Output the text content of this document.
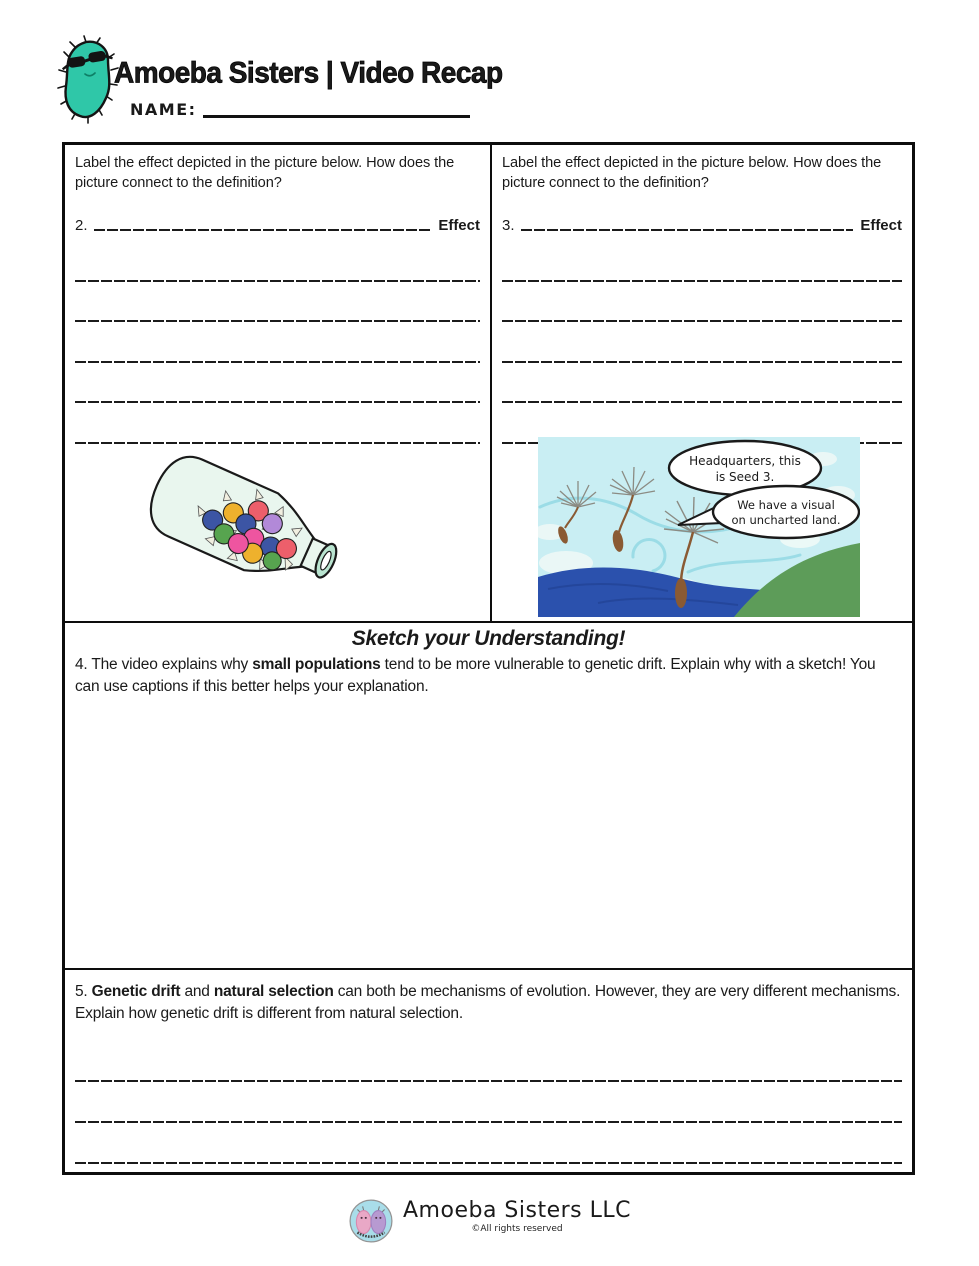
Amoeba Sisters | Video Recap
NAME:
Label the effect depicted in the picture below. How does the picture connect to the definition?
2.	Effect
Label the effect depicted in the picture below. How does the picture connect to the definition?
3.	Effect
Headquarters, this
is Seed 3.
We have a visual
on uncharted land.
Sketch your Understanding!
4. The video explains why small populations tend to be more vulnerable to genetic drift. Explain why with a sketch! You can use captions if this better helps your explanation.
5. Genetic drift and natural selection can both be mechanisms of evolution. However, they are very different mechanisms. Explain how genetic drift is different from natural selection.
Amoeba Sisters LLC
©All rights reserved
